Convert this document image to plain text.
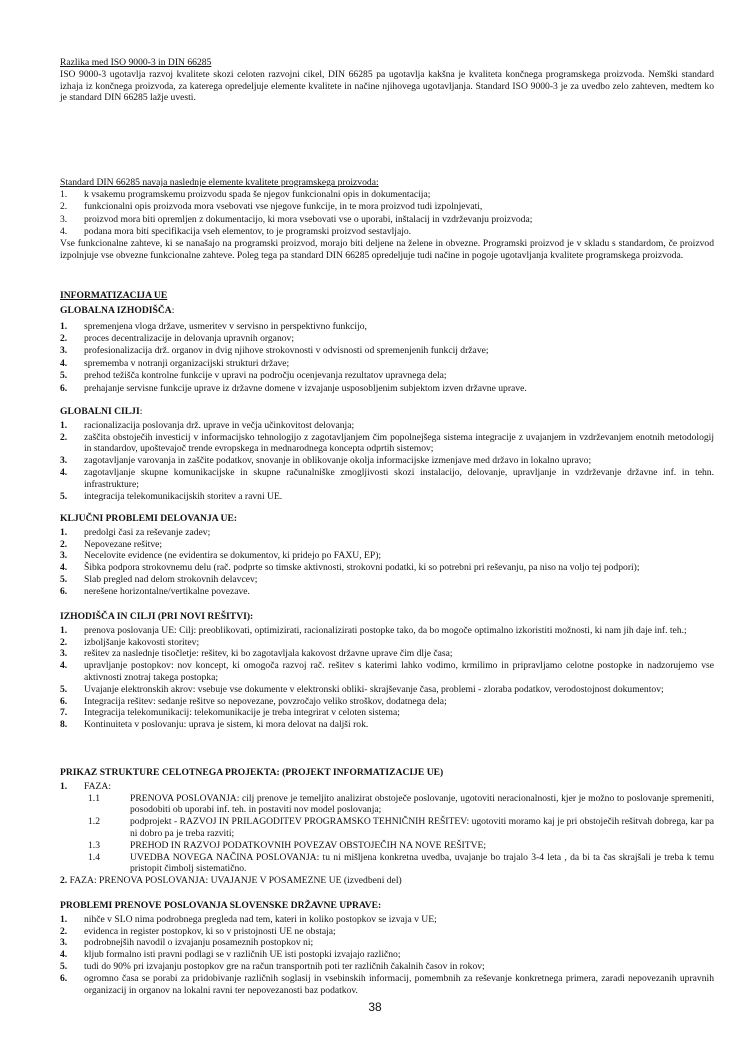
Razlika med ISO 9000-3 in DIN 66285
ISO 9000-3 ugotavlja razvoj kvalitete skozi celoten razvojni cikel, DIN 66285 pa ugotavlja kakšna je kvaliteta končnega programskega proizvoda. Nemški standard izhaja iz končnega proizvoda, za katerega opredeljuje elemente kvalitete in načine njihovega ugotavljanja. Standard ISO 9000-3 je za uvedbo zelo zahteven, medtem ko je standard DIN 66285 lažje uvesti.
Standard DIN 66285 navaja naslednje elemente kvalitete programskega proizvoda:
1.	k vsakemu programskemu proizvodu spada še njegov funkcionalni opis in dokumentacija;
2.	funkcionalni opis proizvoda mora vsebovati vse njegove funkcije, in te mora proizvod tudi izpolnjevati,
3.	proizvod mora biti opremljen z dokumentacijo, ki mora vsebovati vse o uporabi, inštalacij in vzdrževanju proizvoda;
4.	podana mora biti specifikacija vseh elementov, to je programski proizvod sestavljajo.
Vse funkcionalne zahteve, ki se nanašajo na programski proizvod, morajo biti deljene na želene in obvezne. Programski proizvod je v skladu s standardom, če proizvod izpolnjuje vse obvezne funkcionalne zahteve. Poleg tega pa standard DIN 66285 opredeljuje tudi načine in pogoje ugotavljanja kvalitete programskega proizvoda.
INFORMATIZACIJA UE
GLOBALNA IZHODIŠČA:
1.	spremenjena vloga države, usmeritev v servisno in perspektivno funkcijo,
2.	proces decentralizacije in delovanja upravnih organov;
3.	profesionalizacija drž. organov in dvig njihove strokovnosti v odvisnosti od spremenjenih funkcij države;
4.	sprememba v notranji organizacijski strukturi države;
5.	prehod težišča kontrolne funkcije v upravi na področju ocenjevanja rezultatov upravnega dela;
6.	prehajanje servisne funkcije uprave iz državne domene v izvajanje usposobljenim subjektom izven državne uprave.
GLOBALNI CILJI:
1.	racionalizacija poslovanja drž. uprave in večja učinkovitost delovanja;
2.	zaščita obstoječih investicij v informacijsko tehnologijo z zagotavljanjem čim popolnejšega sistema integracije z uvajanjem in vzdrževanjem enotnih metodologij in standardov, upoštevajoč trende evropskega in mednarodnega koncepta odprtih sistemov;
3.	zagotavljanje varovanja in zaščite podatkov, snovanje in oblikovanje okolja informacijske izmenjave med državo in lokalno upravo;
4.	zagotavljanje skupne komunikacijske in skupne računalniške zmogljivosti skozi instalacijo, delovanje, upravljanje in vzdrževanje državne inf. in tehn. infrastrukture;
5.	integracija telekomunikacijskih storitev a ravni UE.
KLJUČNI PROBLEMI DELOVANJA UE:
1.	predolgi časi za reševanje zadev;
2.	Nepovezane rešitve;
3.	Necelovite evidence (ne evidentira se dokumentov, ki pridejo po FAXU, EP);
4.	Šibka podpora strokovnemu delu (rač. podprte so timske aktivnosti, strokovni podatki, ki so potrebni pri reševanju, pa niso na voljo tej podpori);
5.	Slab pregled nad delom strokovnih delavcev;
6.	nerešene horizontalne/vertikalne povezave.
IZHODIŠČA IN CILJI (PRI NOVI REŠITVI):
1.	prenova poslovanja UE: Cilj: preoblikovati, optimizirati, racionalizirati postopke tako, da bo mogoče optimalno izkoristiti možnosti, ki nam jih daje inf. teh.;
2.	izboljšanje kakovosti storitev;
3.	rešitev za naslednje tisočletje: rešitev, ki bo zagotavljala kakovost državne uprave čim dlje časa;
4.	upravljanje postopkov: nov koncept, ki omogoča razvoj rač. rešitev s katerimi lahko vodimo, krmilimo in pripravljamo celotne postopke in nadzorujemo vse aktivnosti znotraj takega postopka;
5.	Uvajanje elektronskih akrov: vsebuje vse dokumente v elektronski obliki- skrajševanje časa, problemi - zloraba podatkov, verodostojnost dokumentov;
6.	Integracija rešitev: sedanje rešitve so nepovezane, povzročajo veliko stroškov, dodatnega dela;
7.	Integracija telekomunikacij: telekomunikacije je treba integrirat v celoten sistema;
8.	Kontinuiteta v poslovanju: uprava je sistem, ki mora delovat na daljši rok.
PRIKAZ STRUKTURE CELOTNEGA PROJEKTA: (PROJEKT INFORMATIZACIJE UE)
1.	FAZA:
1.1	PRENOVA POSLOVANJA: cilj prenove je temeljito analizirat obstoječe poslovanje, ugotoviti neracionalnosti, kjer je možno to poslovanje spremeniti, posodobiti ob uporabi inf. teh. in postaviti nov model poslovanja;
1.2	podprojekt - RAZVOJ IN PRILAGODITEV PROGRAMSKO TEHNIČNIH REŠITEV: ugotoviti moramo kaj je pri obstoječih rešitvah dobrega, kar pa ni dobro pa je treba razviti;
1.3	PREHOD IN RAZVOJ PODATKOVNIH POVEZAV OBSTOJEČIH NA NOVE REŠITVE;
1.4	UVEDBA NOVEGA NAČINA POSLOVANJA: tu ni mišljena konkretna uvedba, uvajanje bo trajalo 3-4 leta , da bi ta čas skrajšali je treba k temu pristopit čimbolj sistematično.
2. FAZA: PRENOVA POSLOVANJA: UVAJANJE V POSAMEZNE UE (izvedbeni del)
PROBLEMI PRENOVE POSLOVANJA SLOVENSKE DRŽAVNE UPRAVE:
1.	nihče v SLO nima podrobnega pregleda nad tem, kateri in koliko postopkov se izvaja v UE;
2.	evidenca in register postopkov, ki so v pristojnosti UE ne obstaja;
3.	podrobnejših navodil o izvajanju posameznih postopkov ni;
4.	kljub formalno isti pravni podlagi se v različnih UE isti postopki izvajajo različno;
5.	tudi do 90% pri izvajanju postopkov gre na račun transportnih poti ter različnih čakalnih časov in rokov;
6.	ogromno časa se porabi za pridobivanje različnih soglasij in vsebinskih informacij, pomembnih za reševanje konkretnega primera, zaradi nepovezanih upravnih organizacij in organov na lokalni ravni ter nepovezanosti baz podatkov.
38
